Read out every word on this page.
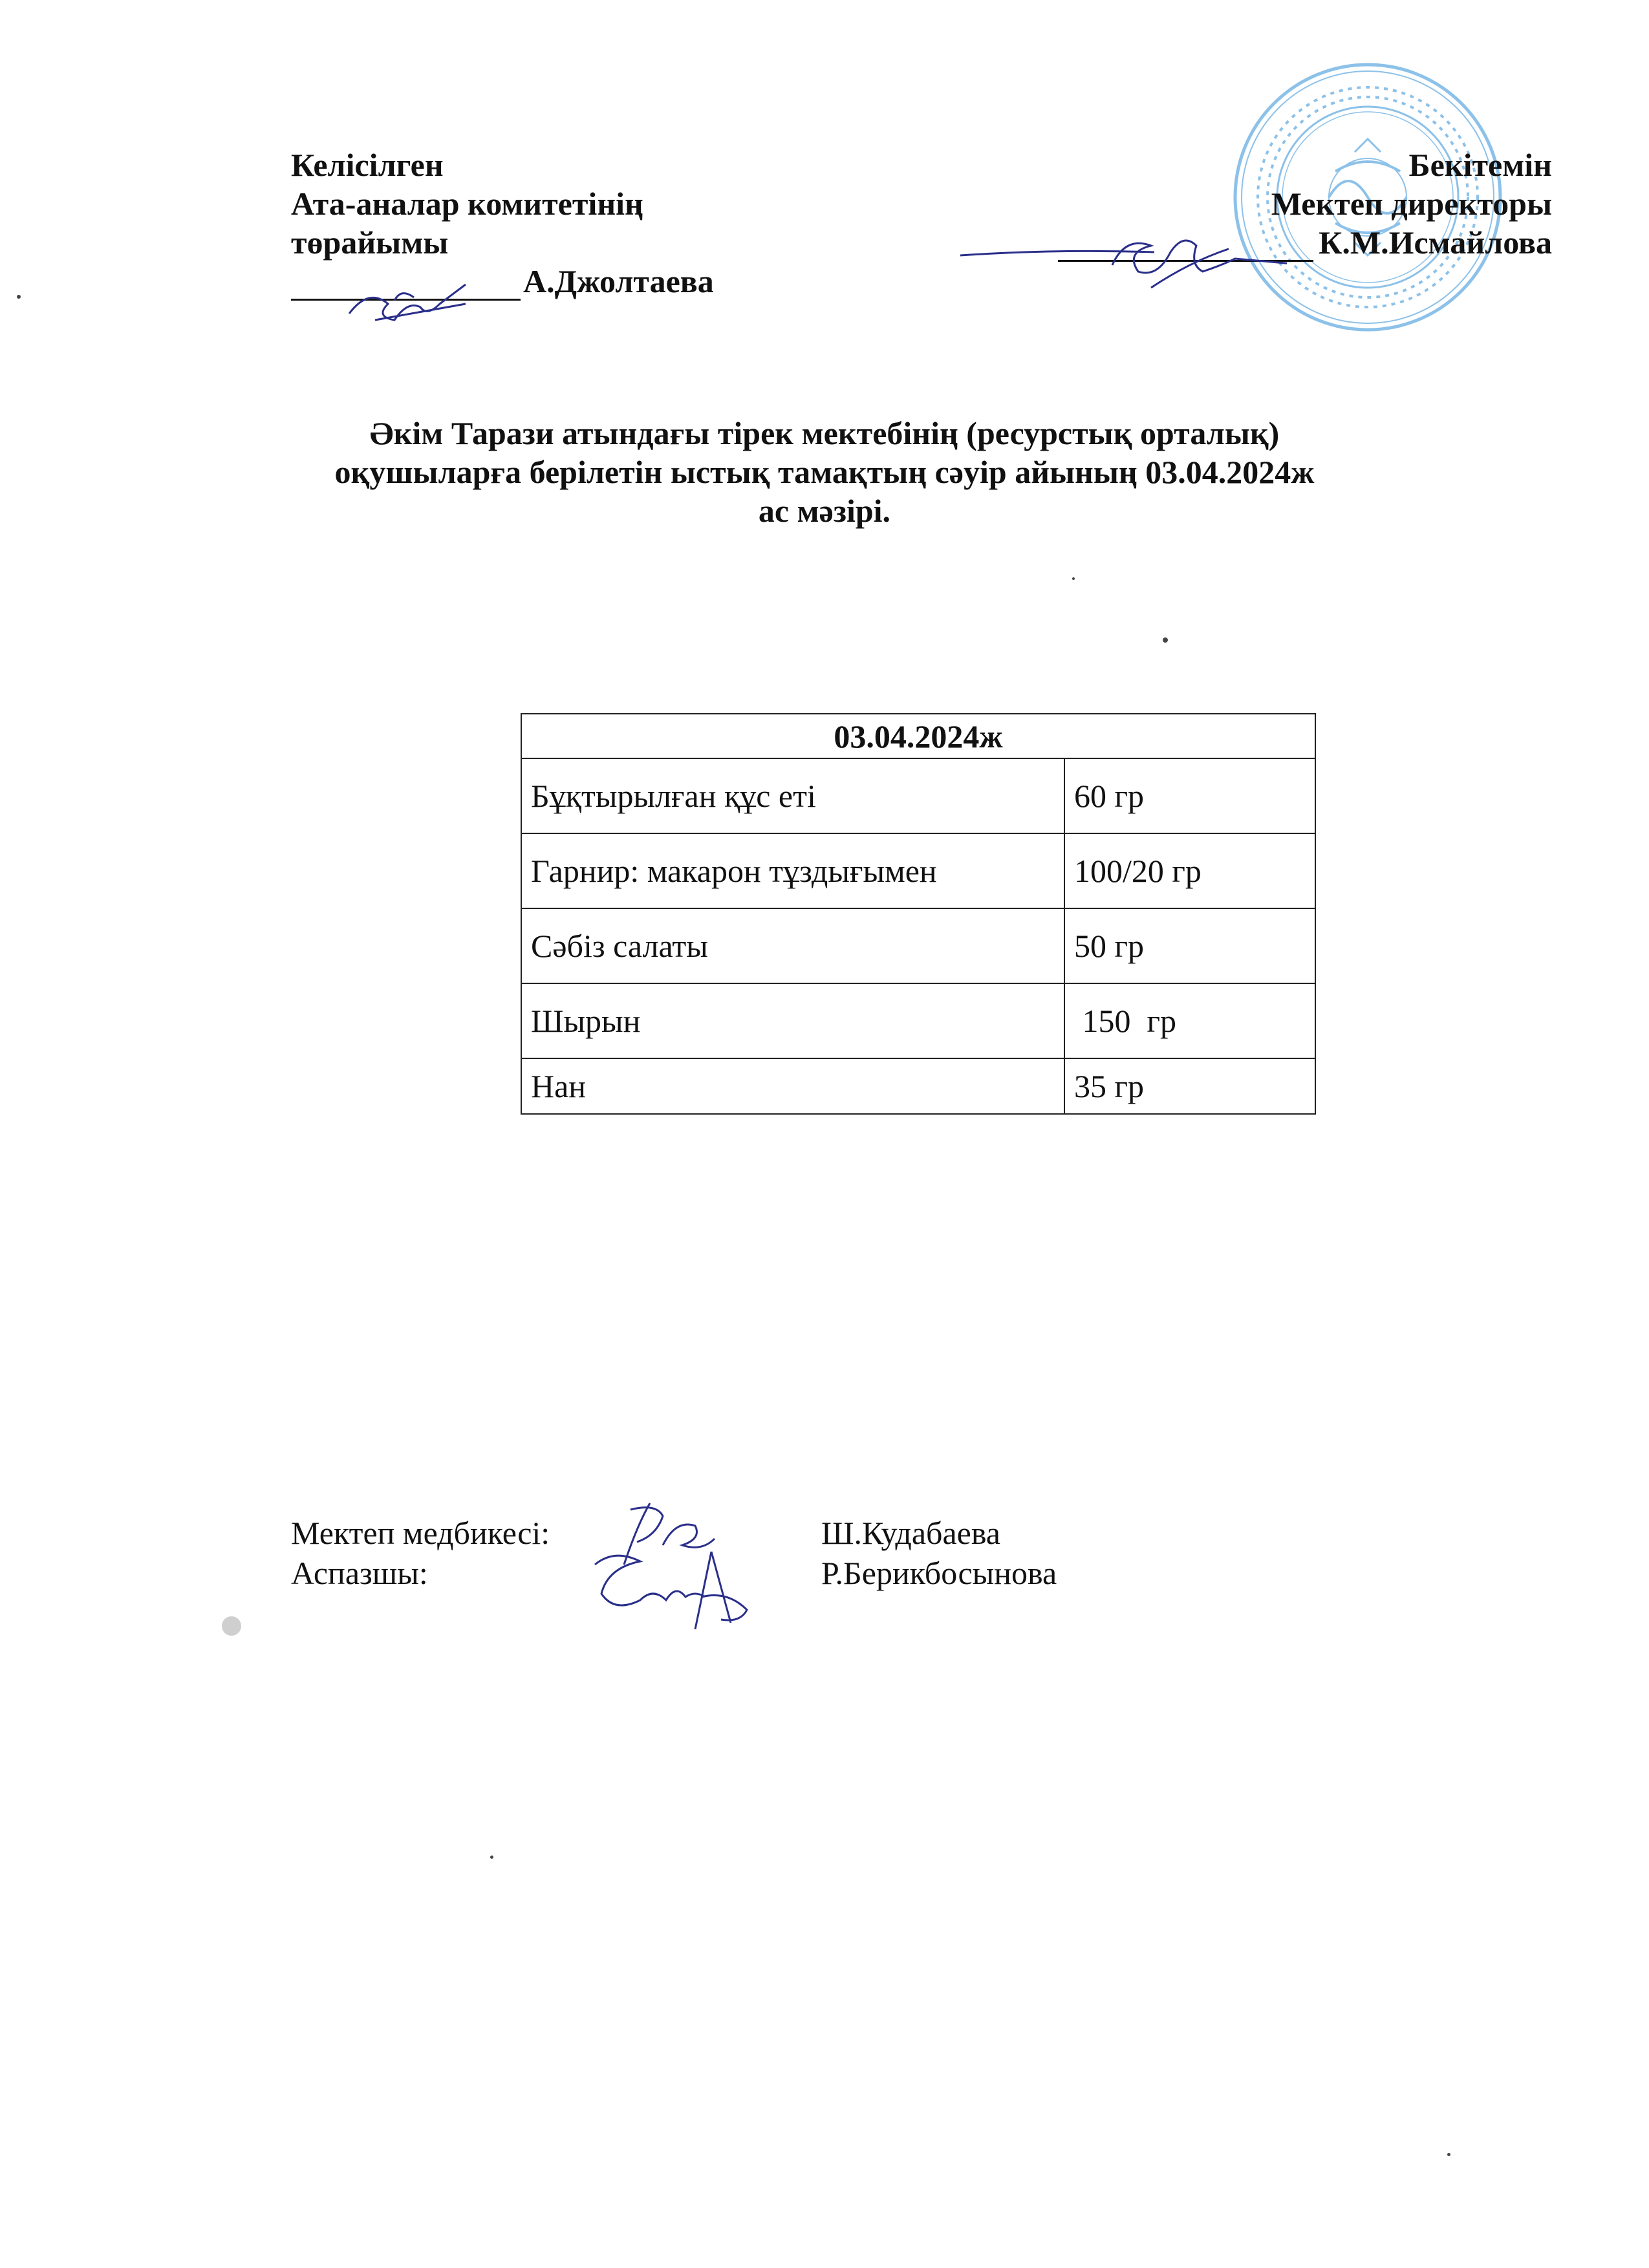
Келісілген
Ата-аналар комитетінің
төрайымы
А.Джолтаева
Бекітемін
Мектеп директоры
К.М.Исмайлова
Әкім Тарази атындағы тірек мектебінің (ресурстық орталық)
оқушыларға берілетін ыстық тамақтың сәуір айының 03.04.2024ж
ас мәзірі.
03.04.2024ж	
Бұқтырылған құс еті	60 гр
Гарнир: макарон тұздығымен	100/20 гр
Сәбіз салаты	50 гр
Шырын	150  гр
Нан	35 гр
Мектеп медбикесі:	Ш.Кудабаева
Аспазшы:	Р.Берикбосынова
